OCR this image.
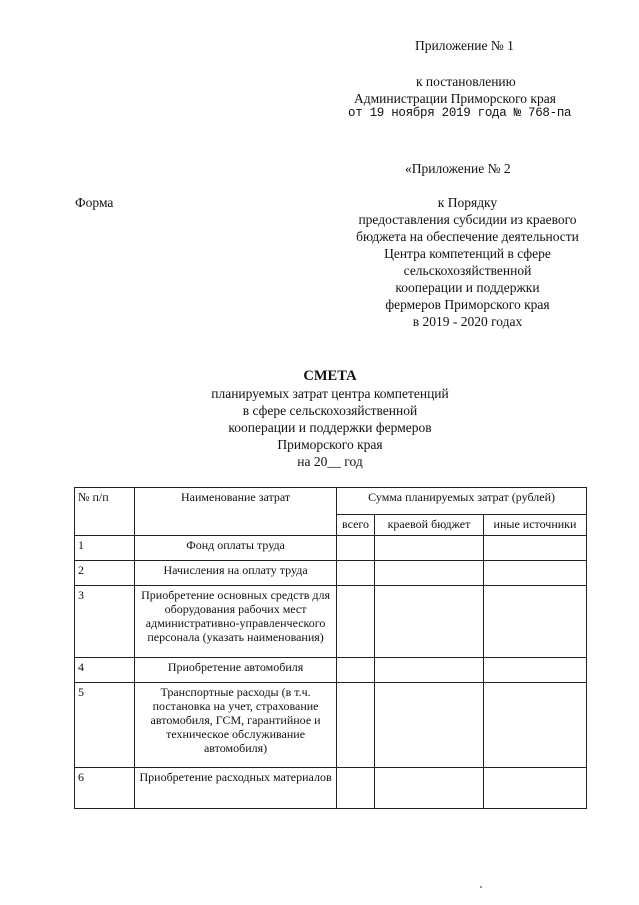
Приложение № 1
к постановлению
Администрации Приморского края
от 19 ноября 2019 года № 768-па
«Приложение № 2
Форма	к Порядку
предоставления субсидии из краевого
бюджета на обеспечение деятельности
Центра компетенций в сфере
сельскохозяйственной
кооперации и поддержки
фермеров Приморского края
в 2019 - 2020 годах
СМЕТА
планируемых затрат центра компетенций
в сфере сельскохозяйственной
кооперации и поддержки фермеров
Приморского края
на 20__ год
№ п/п	Наименование затрат	Сумма планируемых затрат (рублей)		
		всего	краевой бюджет	иные источники
1	Фонд оплаты труда			
2	Начисления на оплату труда			
3	Приобретение основных средств для оборудования рабочих мест административно-управленческого персонала (указать наименования)			
4	Приобретение автомобиля			
5	Транспортные расходы (в т.ч. постановка на учет, страхование автомобиля, ГСМ, гарантийное и техническое обслуживание автомобиля)			
6	Приобретение расходных материалов			
